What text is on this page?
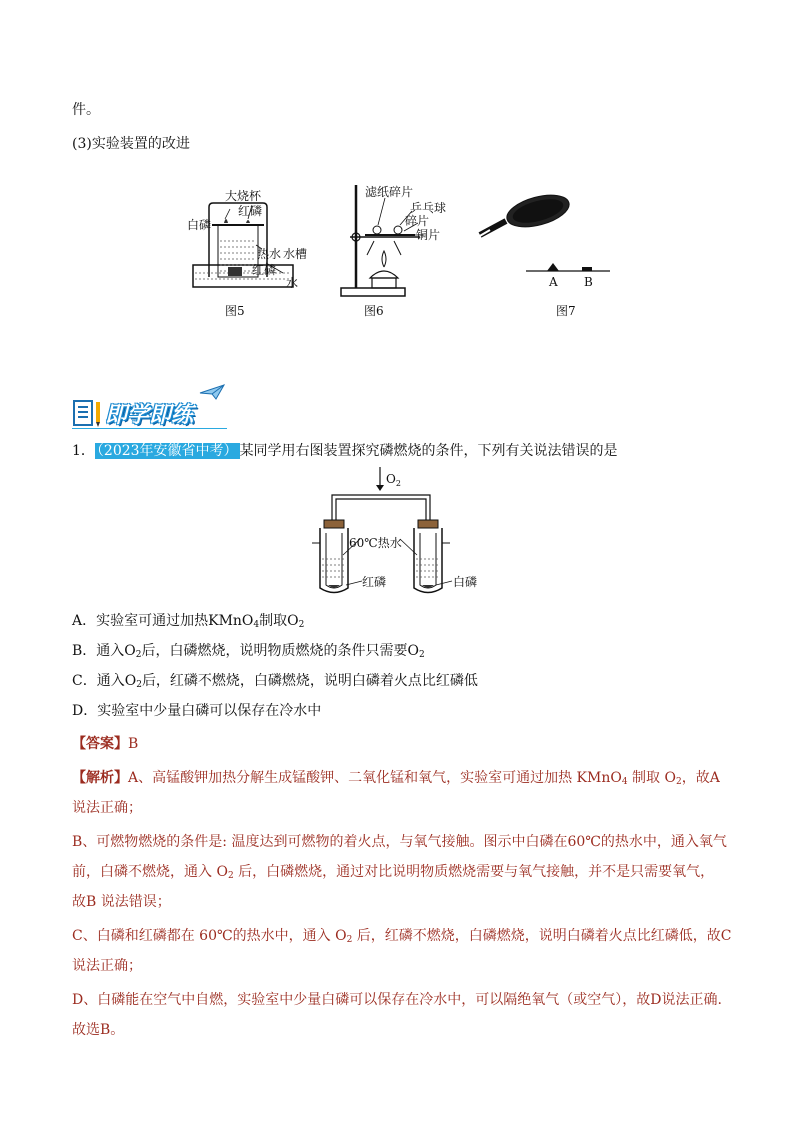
件。
(3)实验装置的改进
大烧杯
白磷
红磷
热水 水槽
红磷
水
图5
滤纸碎片
乒乓球
碎片
铜片
图6
A B
图7
即学即练
1． （2023年安徽省中考） 某同学用右图装置探究磷燃烧的条件，下列有关说法错误的是
$O_2$
60℃热水
红磷	白磷
A．实验室可通过加热KMnO$_4$制取$O_2$
B．通入$O_2$后，白磷燃烧，说明物质燃烧的条件只需要$O_2$
C．通入$O_2$后，红磷不燃烧，白磷燃烧，说明白磷着火点比红磷低
D．实验室中少量白磷可以保存在冷水中
【答案】B
【解析】A、高锰酸钾加热分解生成锰酸钾、二氧化锰和氧气，实验室可通过加热 KMnO$_4$ 制取 $O_2$，故A
说法正确；
B、可燃物燃烧的条件是: 温度达到可燃物的着火点，与氧气接触。图示中白磷在60℃的热水中，通入氧气
前，白磷不燃烧，通入 $O_2$ 后，白磷燃烧，通过对比说明物质燃烧需要与氧气接触，并不是只需要氧气，
故B 说法错误；
C、白磷和红磷都在 60℃的热水中，通入 $O_2$ 后，红磷不燃烧，白磷燃烧，说明白磷着火点比红磷低，故C
说法正确；
D、白磷能在空气中自燃，实验室中少量白磷可以保存在冷水中，可以隔绝氧气（或空气），故D说法正确.
故选B。
